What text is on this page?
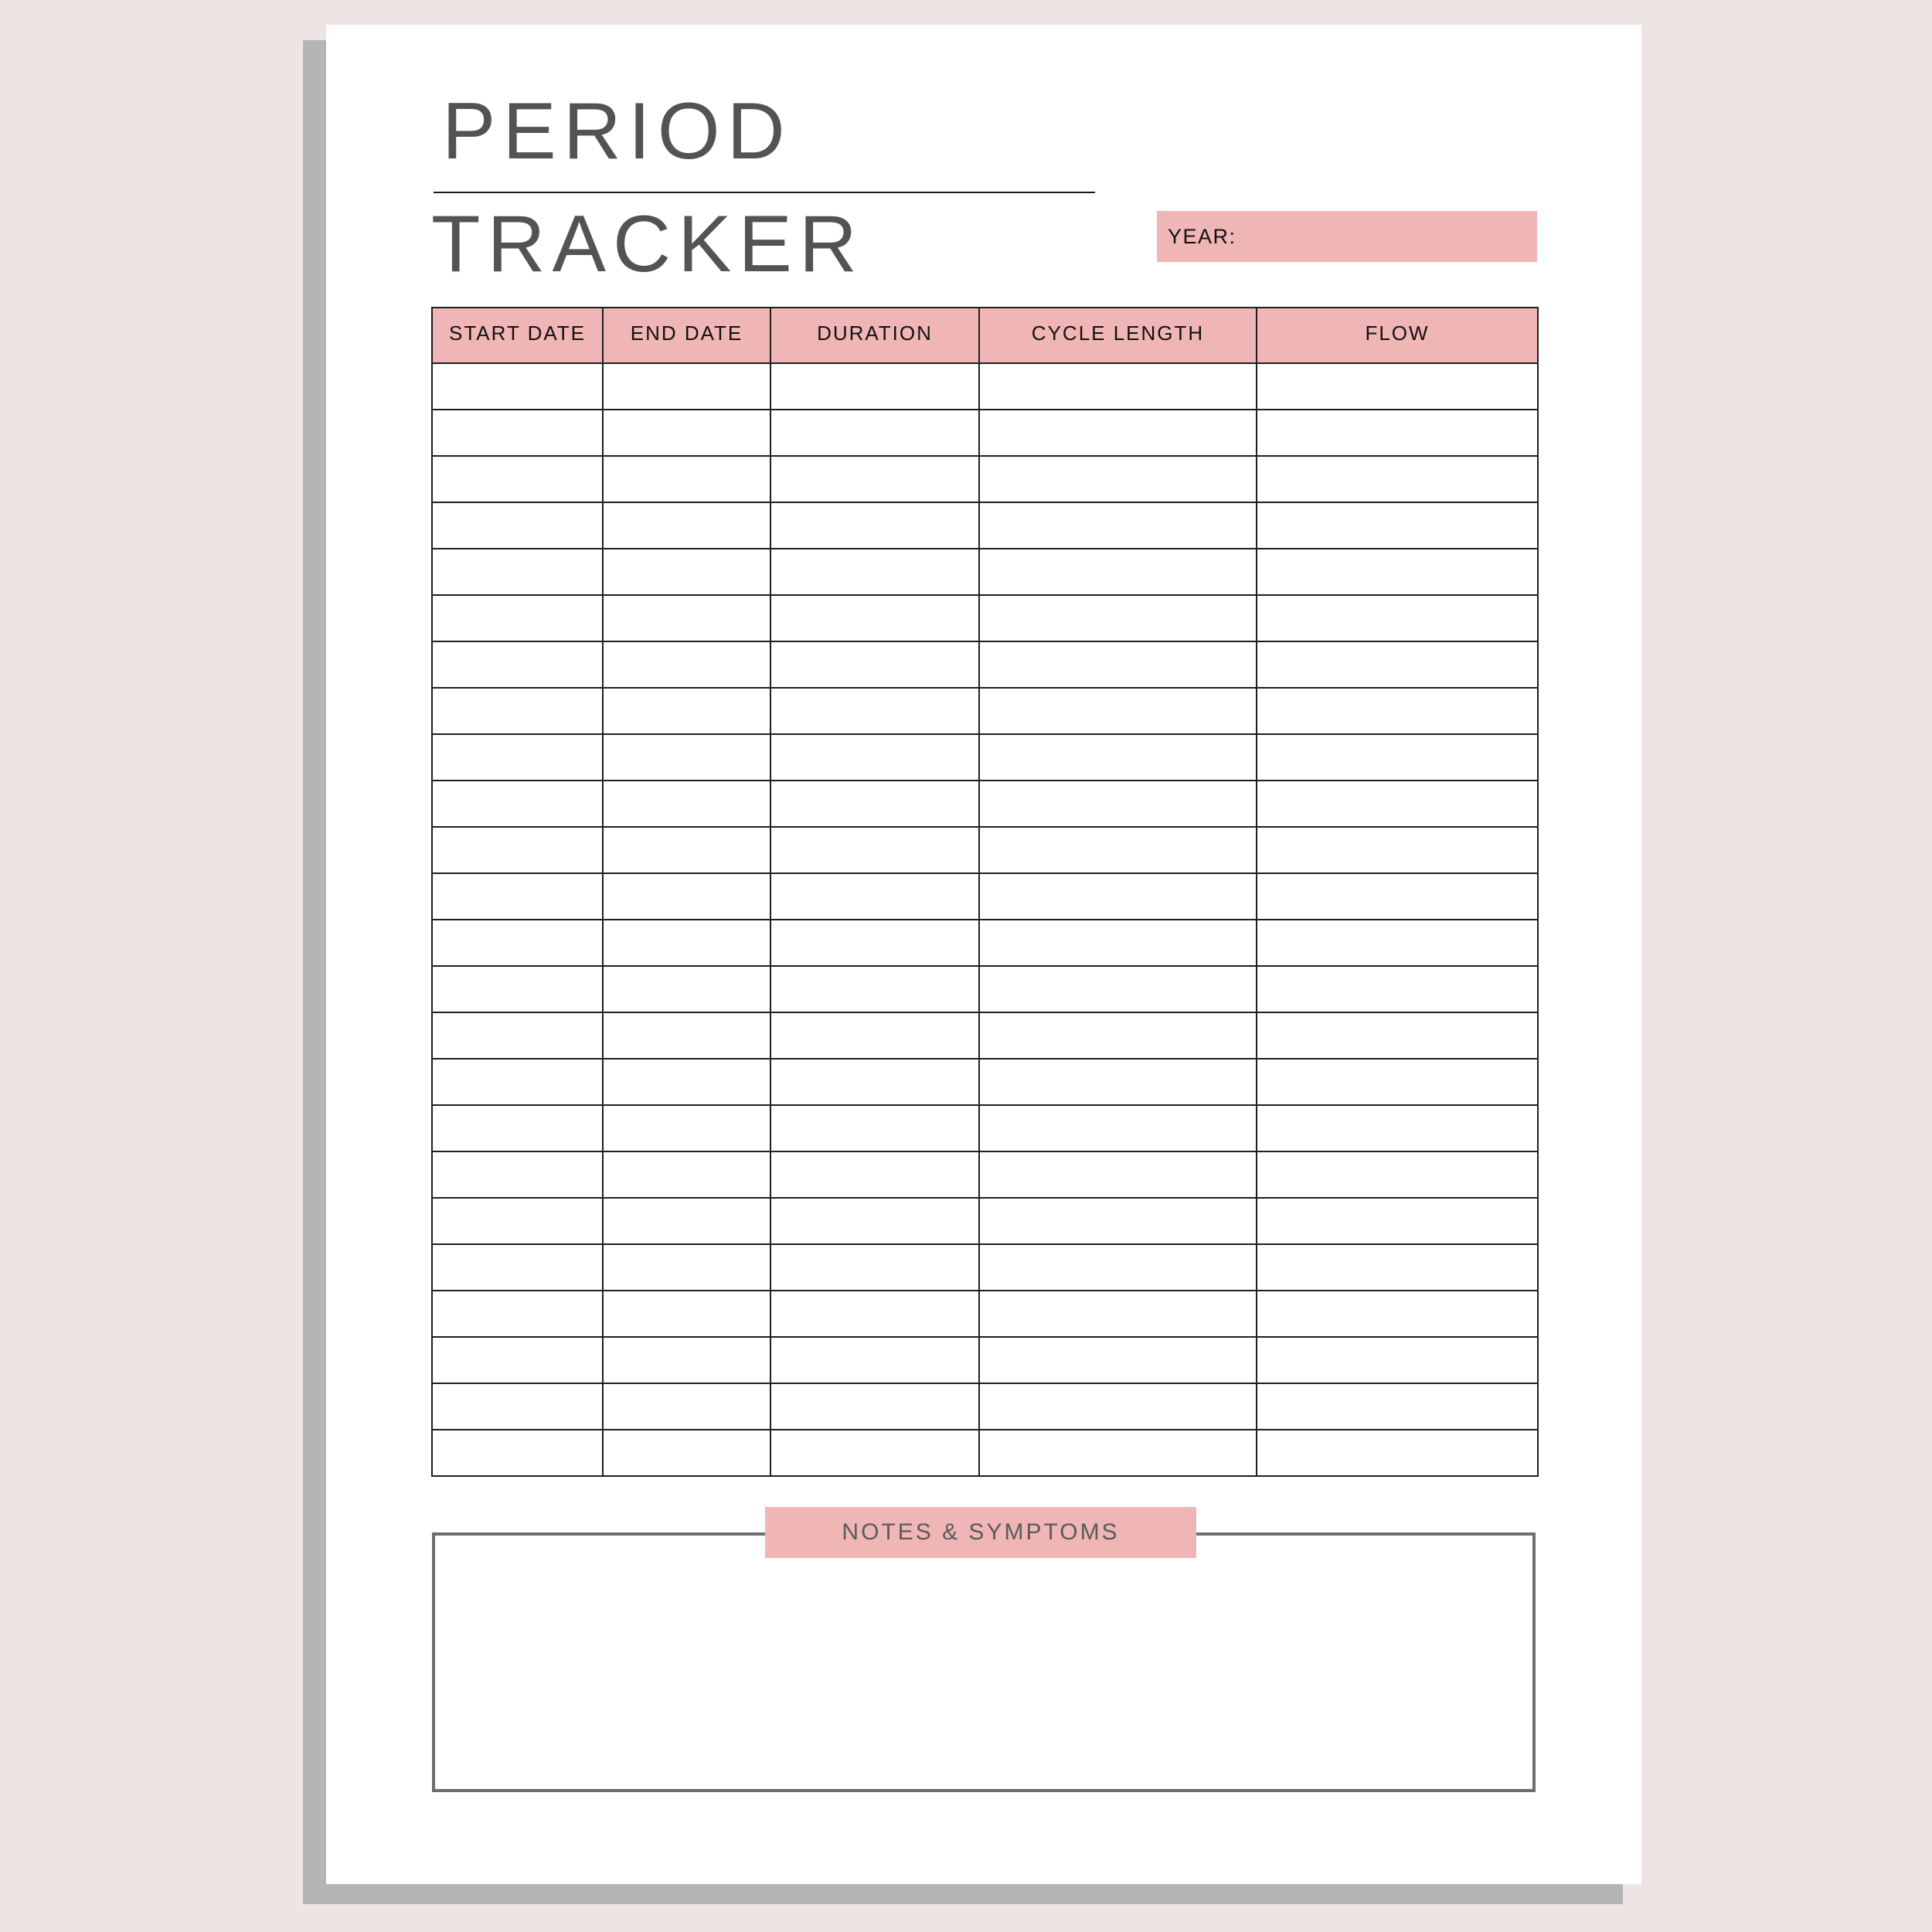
PERIOD
TRACKER	YEAR:
START DATE	END DATE	DURATION	CYCLE LENGTH	FLOW

NOTES & SYMPTOMS
